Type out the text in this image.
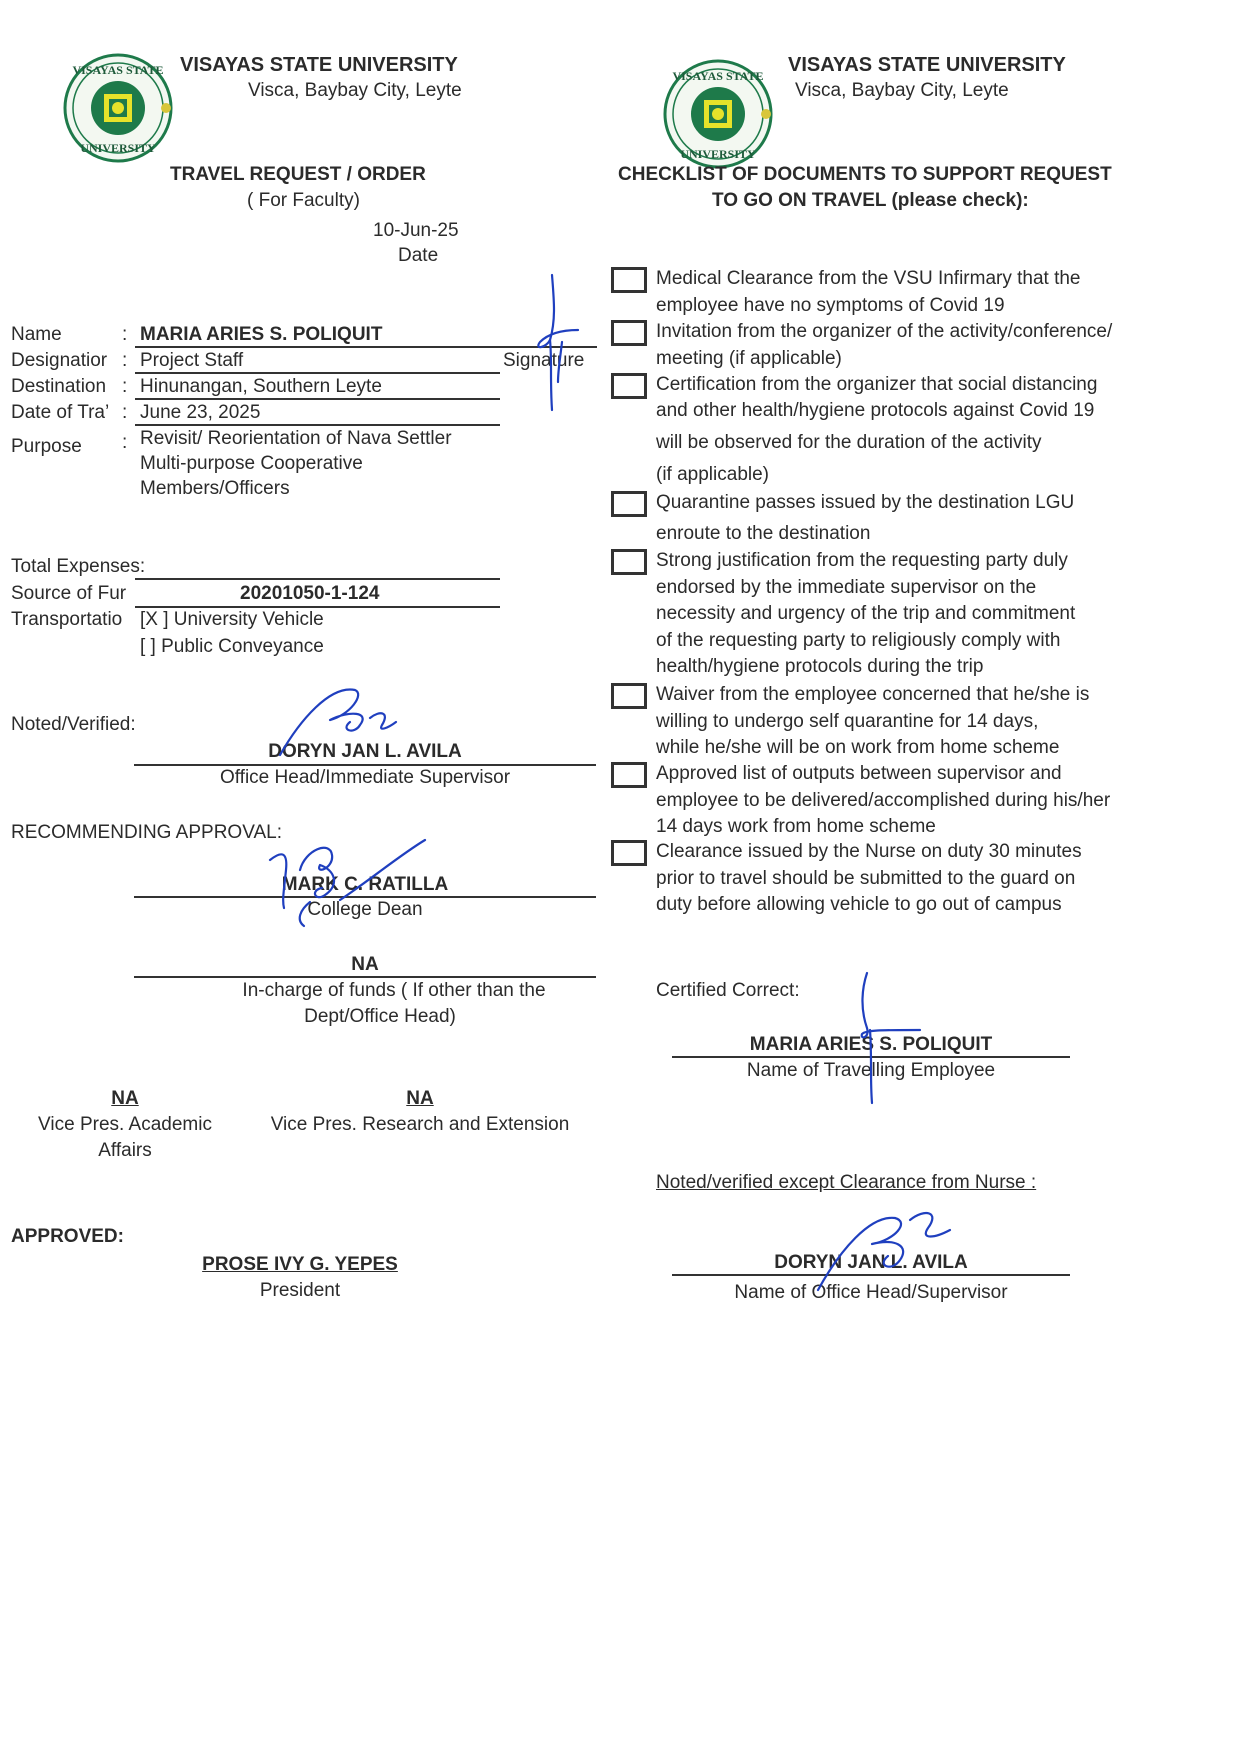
VISAYAS STATE
UNIVERSITY
VISAYAS STATE UNIVERSITY
Visca, Baybay City, Leyte
TRAVEL REQUEST / ORDER
( For Faculty)
10-Jun-25
Date
Name	: MARIA ARIES S. POLIQUIT
Designatior : Project Staff	Signature
Destination : Hinunangan, Southern Leyte
Date of Tra’ : June 23, 2025
Purpose : Revisit/ Reorientation of Nava Settler
Multi-purpose Cooperative
Members/Officers
Total Expenses:
Source of Fur	20201050-1-124
Transportatio [X ] University Vehicle
[ ] Public Conveyance
Noted/Verified:
DORYN JAN L. AVILA
Office Head/Immediate Supervisor
RECOMMENDING APPROVAL:
MARK C. RATILLA
College Dean
NA
In-charge of funds ( If other than the
Dept/Office Head)
NA
Vice Pres. Academic
Affairs
NA
Vice Pres. Research and Extension
APPROVED:
PROSE IVY G. YEPES
President
VISAYAS STATE
UNIVERSITY
VISAYAS STATE UNIVERSITY
Visca, Baybay City, Leyte
CHECKLIST OF DOCUMENTS TO SUPPORT REQUEST
TO GO ON TRAVEL (please check):
Medical Clearance from the VSU Infirmary that the
employee have no symptoms of Covid 19
Invitation from the organizer of the activity/conference/
meeting (if applicable)
Certification from the organizer that social distancing
and other health/hygiene protocols against Covid 19
will be observed for the duration of the activity
(if applicable)
Quarantine passes issued by the destination LGU
enroute to the destination
Strong justification from the requesting party duly
endorsed by the immediate supervisor on the
necessity and urgency of the trip and commitment
of the requesting party to religiously comply with
health/hygiene protocols during the trip
Waiver from the employee concerned that he/she is
willing to undergo self quarantine for 14 days,
while he/she will be on work from home scheme
Approved list of outputs between supervisor and
employee to be delivered/accomplished during his/her
14 days work from home scheme
Clearance issued by the Nurse on duty 30 minutes
prior to travel should be submitted to the guard on
duty before allowing vehicle to go out of campus
Certified Correct:
MARIA ARIES S. POLIQUIT
Name of Travelling Employee
Noted/verified except Clearance from Nurse :
DORYN JAN L. AVILA
Name of Office Head/Supervisor
